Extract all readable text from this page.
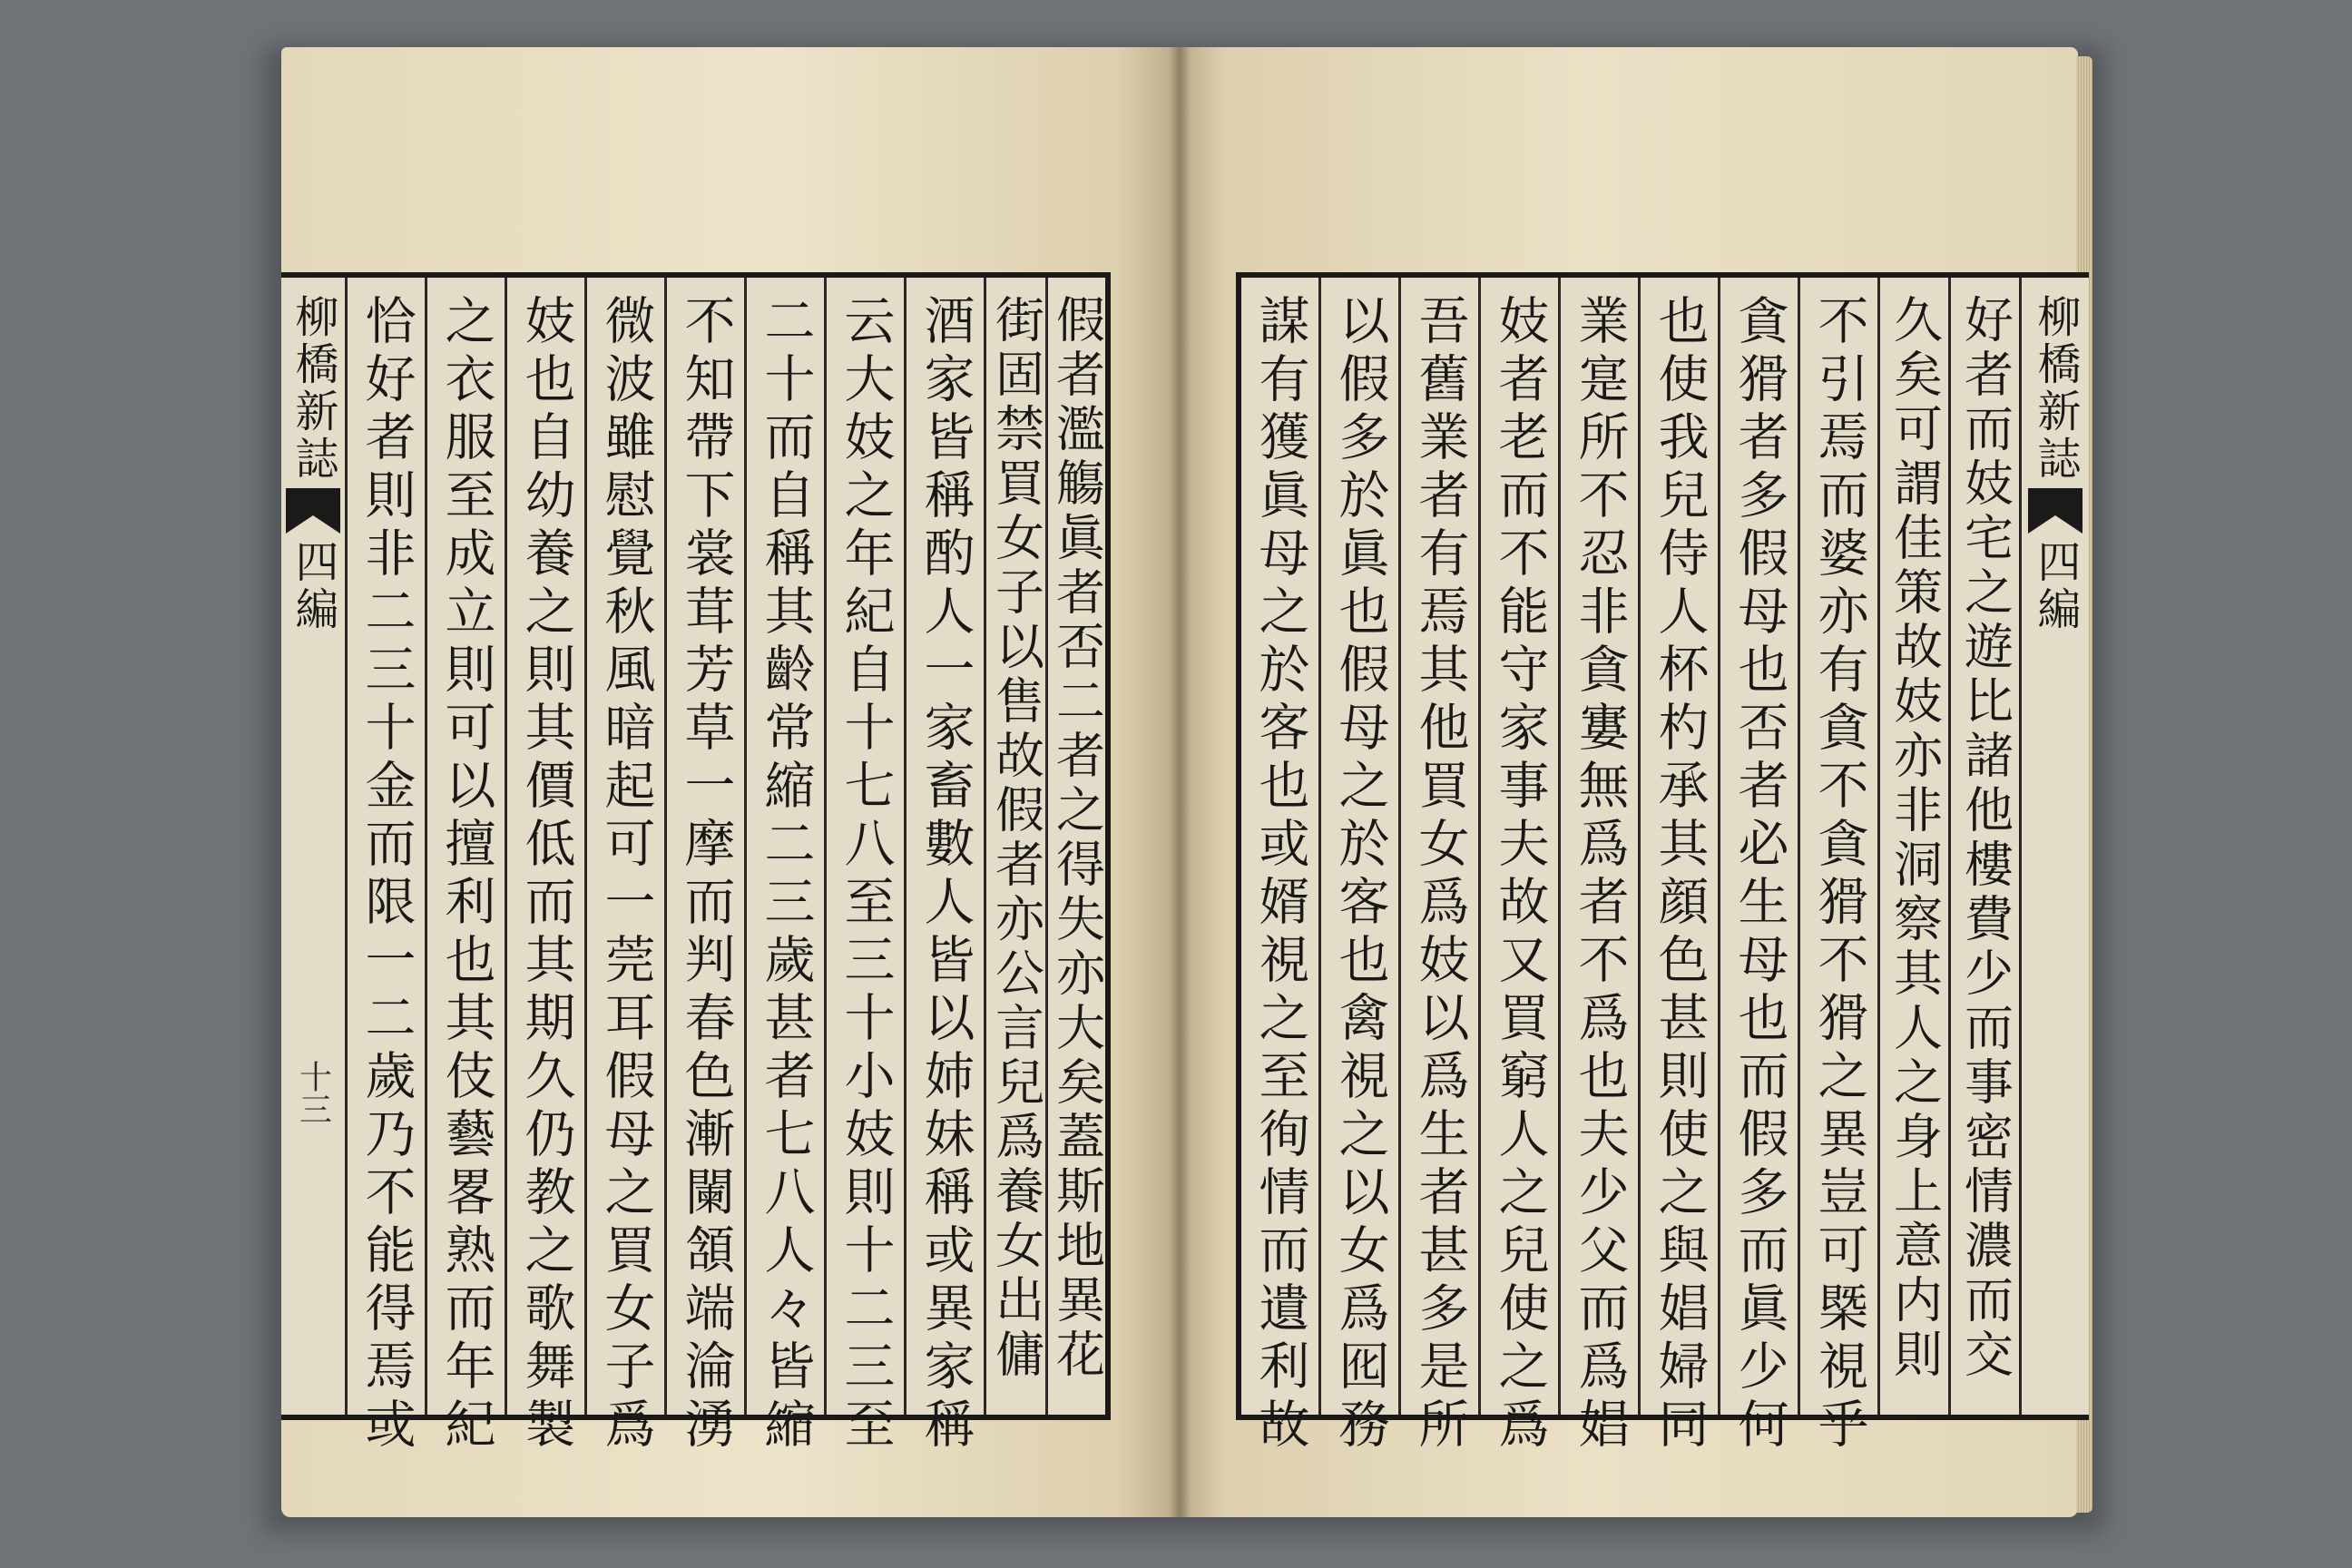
柳橋新誌
四編
十三 恰好者則非二三十金而限一二歲乃不能得焉或 之衣服至成立則可以擅利也其伎藝畧熟而年紀 妓也自幼養之則其價低而其期久仍教之歌舞製 微波雖慰覺秋風暗起可一莞耳假母之買女子爲 不知帶下裳茸芳草一摩而判春色漸闌頷端淪湧 二十而自稱其齡常縮二三歲甚者七八人々皆縮 云大妓之年紀自十七八至三十小妓則十二三至 酒家皆稱酌人一家畜數人皆以姉妹稱或異家稱 街固禁買女子以售故假者亦公言兒爲養女出傭 假者濫觴眞者否二者之得失亦大矣蓋斯地異花	謀有獲眞母之於客也或婿視之至徇情而遺利故 以假多於眞也假母之於客也禽視之以女爲囮務 吾舊業者有焉其他買女爲妓以爲生者甚多是所 妓者老而不能守家事夫故又買窮人之兒使之爲 業寔所不忍非貪寠無爲者不爲也夫少父而爲娼 也使我兒侍人杯杓承其顔色甚則使之與娼婦同 貪猾者多假母也否者必生母也而假多而眞少何 不引焉而婆亦有貪不貪猾不猾之異豈可槩視乎 久矣可謂佳策故妓亦非洞察其人之身上意内則 好者而妓宅之遊比諸他樓費少而事密情濃而交 柳橋新誌
四編
